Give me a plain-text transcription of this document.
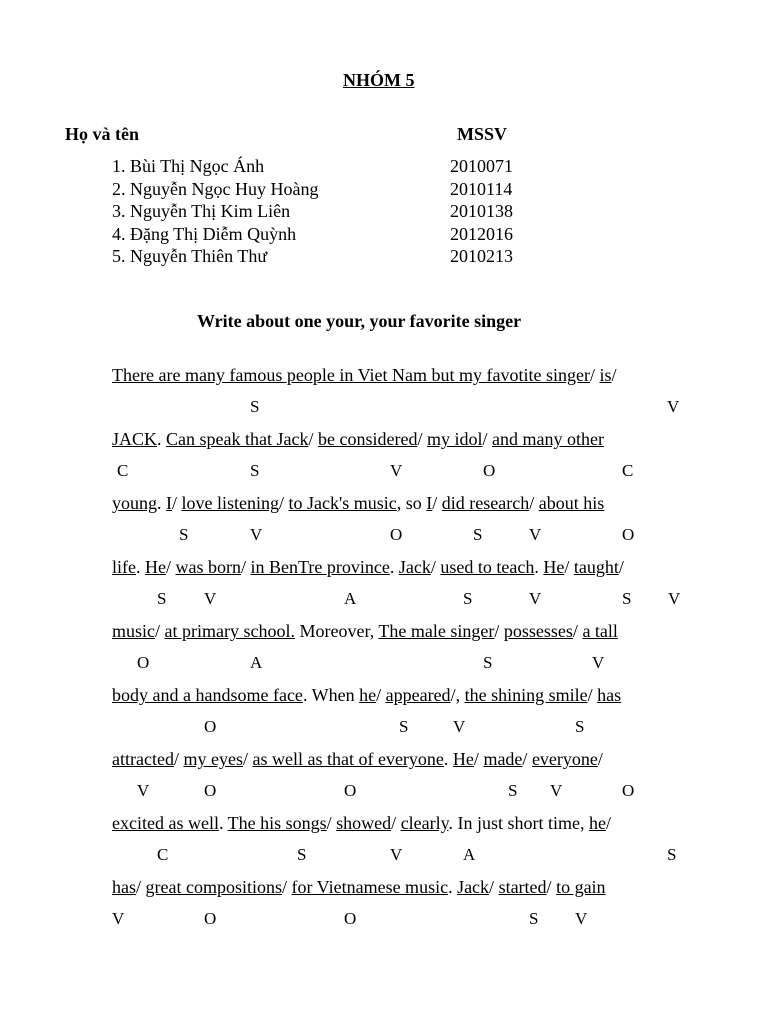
NHÓM 5
Họ và tên	MSSV
1. Bùi Thị Ngọc Ánh	2010071
2. Nguyễn Ngọc Huy Hoàng	2010114
3. Nguyễn Thị Kim Liên	2010138
4. Đặng Thị Diễm Quỳnh	2012016
5. Nguyễn Thiên Thư	2010213
Write about one your, your favorite singer
There are many famous people in Viet Nam but my favotite singer/ is/
S	V
JACK. Can speak that Jack/ be considered/ my idol/ and many other
C	S	V	O	C
young. I/ love listening/ to Jack's music, so I/ did research/ about his
S	V	O	S	V	O
life. He/ was born/ in BenTre province. Jack/ used to teach. He/ taught/
S V	A	S	V	S V
music/ at primary school. Moreover, The male singer/ possesses/ a tall
O	A	S	V
body and a handsome face. When he/ appeared/, the shining smile/ has
O	S	V	S
attracted/ my eyes/ as well as that of everyone. He/ made/ everyone/
V	O	O	S V	O
excited as well. The his songs/ showed/ clearly. In just short time, he/
C	S	V	A	S
has/ great compositions/ for Vietnamese music. Jack/ started/ to gain
V	O	O	S V
